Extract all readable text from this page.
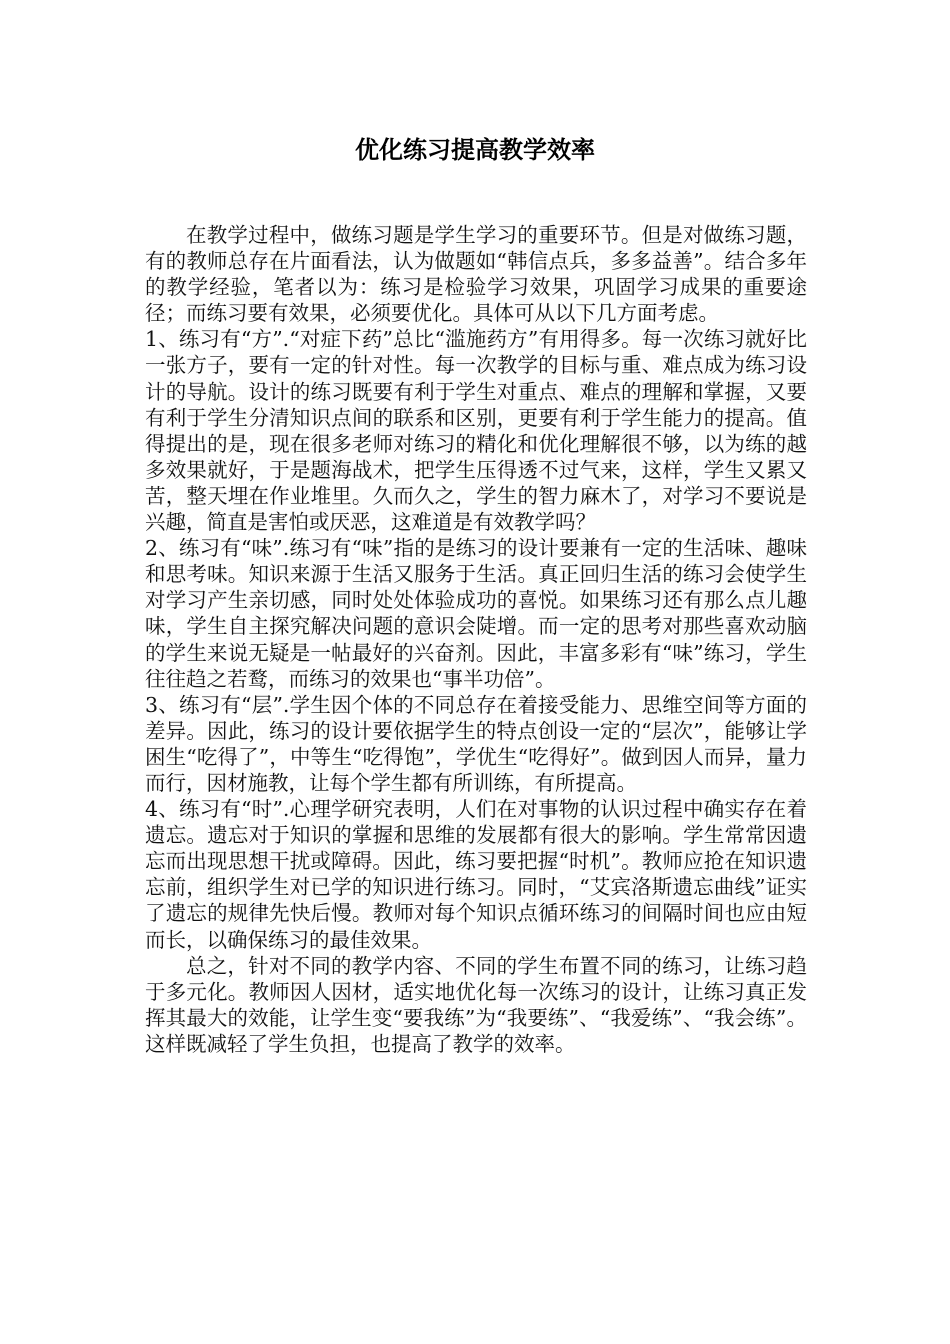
优化练习提高教学效率

在教学过程中，做练习题是学生学习的重要环节。但是对做练习题，有的教师总存在片面看法，认为做题如“韩信点兵，多多益善”。结合多年的教学经验，笔者以为：练习是检验学习效果，巩固学习成果的重要途径；而练习要有效果，必须要优化。具体可从以下几方面考虑。

1、练习有“方”.“对症下药”总比“滥施药方”有用得多。每一次练习就好比一张方子，要有一定的针对性。每一次教学的目标与重、难点成为练习设计的导航。设计的练习既要有利于学生对重点、难点的理解和掌握，又要有利于学生分清知识点间的联系和区别，更要有利于学生能力的提高。值得提出的是，现在很多老师对练习的精化和优化理解很不够，以为练的越多效果就好，于是题海战术，把学生压得透不过气来，这样，学生又累又苦，整天埋在作业堆里。久而久之，学生的智力麻木了，对学习不要说是兴趣，简直是害怕或厌恶，这难道是有效教学吗？

2、练习有“味”.练习有“味”指的是练习的设计要兼有一定的生活味、趣味和思考味。知识来源于生活又服务于生活。真正回归生活的练习会使学生对学习产生亲切感，同时处处体验成功的喜悦。如果练习还有那么点儿趣味，学生自主探究解决问题的意识会陡增。而一定的思考对那些喜欢动脑的学生来说无疑是一帖最好的兴奋剂。因此，丰富多彩有“味”练习，学生往往趋之若鹜，而练习的效果也“事半功倍”。

3、练习有“层”.学生因个体的不同总存在着接受能力、思维空间等方面的差异。因此，练习的设计要依据学生的特点创设一定的“层次”，能够让学困生“吃得了”，中等生“吃得饱”，学优生“吃得好”。做到因人而异，量力而行，因材施教，让每个学生都有所训练，有所提高。

4、练习有“时”.心理学研究表明，人们在对事物的认识过程中确实存在着遗忘。遗忘对于知识的掌握和思维的发展都有很大的影响。学生常常因遗忘而出现思想干扰或障碍。因此，练习要把握“时机”。教师应抢在知识遗忘前，组织学生对已学的知识进行练习。同时，“艾宾洛斯遗忘曲线”证实了遗忘的规律先快后慢。教师对每个知识点循环练习的间隔时间也应由短而长，以确保练习的最佳效果。

总之，针对不同的教学内容、不同的学生布置不同的练习，让练习趋于多元化。教师因人因材，适实地优化每一次练习的设计，让练习真正发挥其最大的效能，让学生变“要我练”为“我要练”、“我爱练”、“我会练”。这样既减轻了学生负担，也提高了教学的效率。
